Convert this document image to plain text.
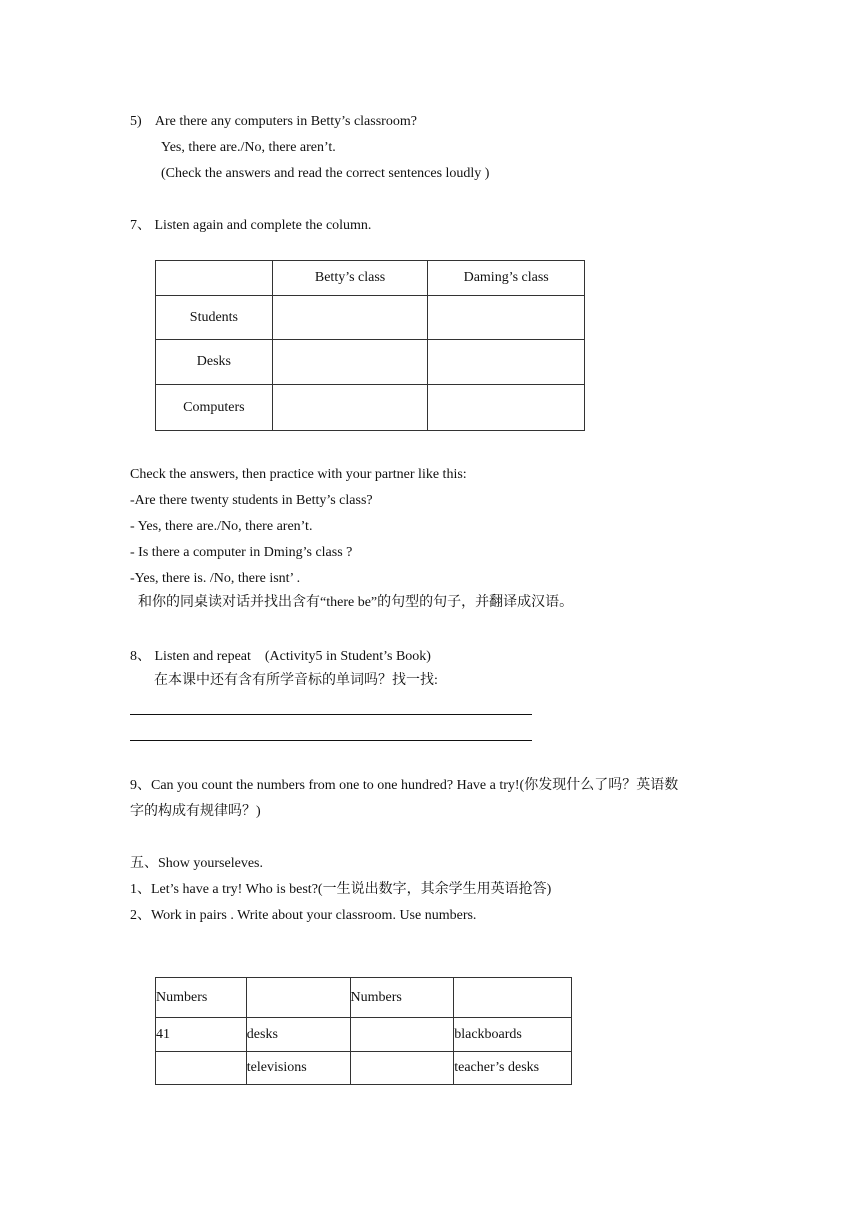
5)    Are there any computers in Betty’s classroom?
Yes, there are./No, there aren’t.
(Check the answers and read the correct sentences loudly )
7、 Listen again and complete the column.
	Betty’s class	Daming’s class
Students		
Desks		
Computers		
Check the answers, then practice with your partner like this:
-Are there twenty students in Betty’s class?
- Yes, there are./No, there aren’t.
- Is there a computer in Dming’s class ?
-Yes, there is. /No, there isnt’ .
和你的同桌读对话并找出含有“there be”的句型的句子，并翻译成汉语。
8、 Listen and repeat    (Activity5 in Student’s Book)
在本课中还有含有所学音标的单词吗？找一找:
9、Can you count the numbers from one to one hundred? Have a try!(你发现什么了吗？英语数
字的构成有规律吗？)
五、Show yourseleves.
1、Let’s have a try! Who is best?(一生说出数字，其余学生用英语抢答)
2、Work in pairs . Write about your classroom. Use numbers.
Numbers		Numbers	
41	desks		blackboards
	televisions		teacher’s desks
